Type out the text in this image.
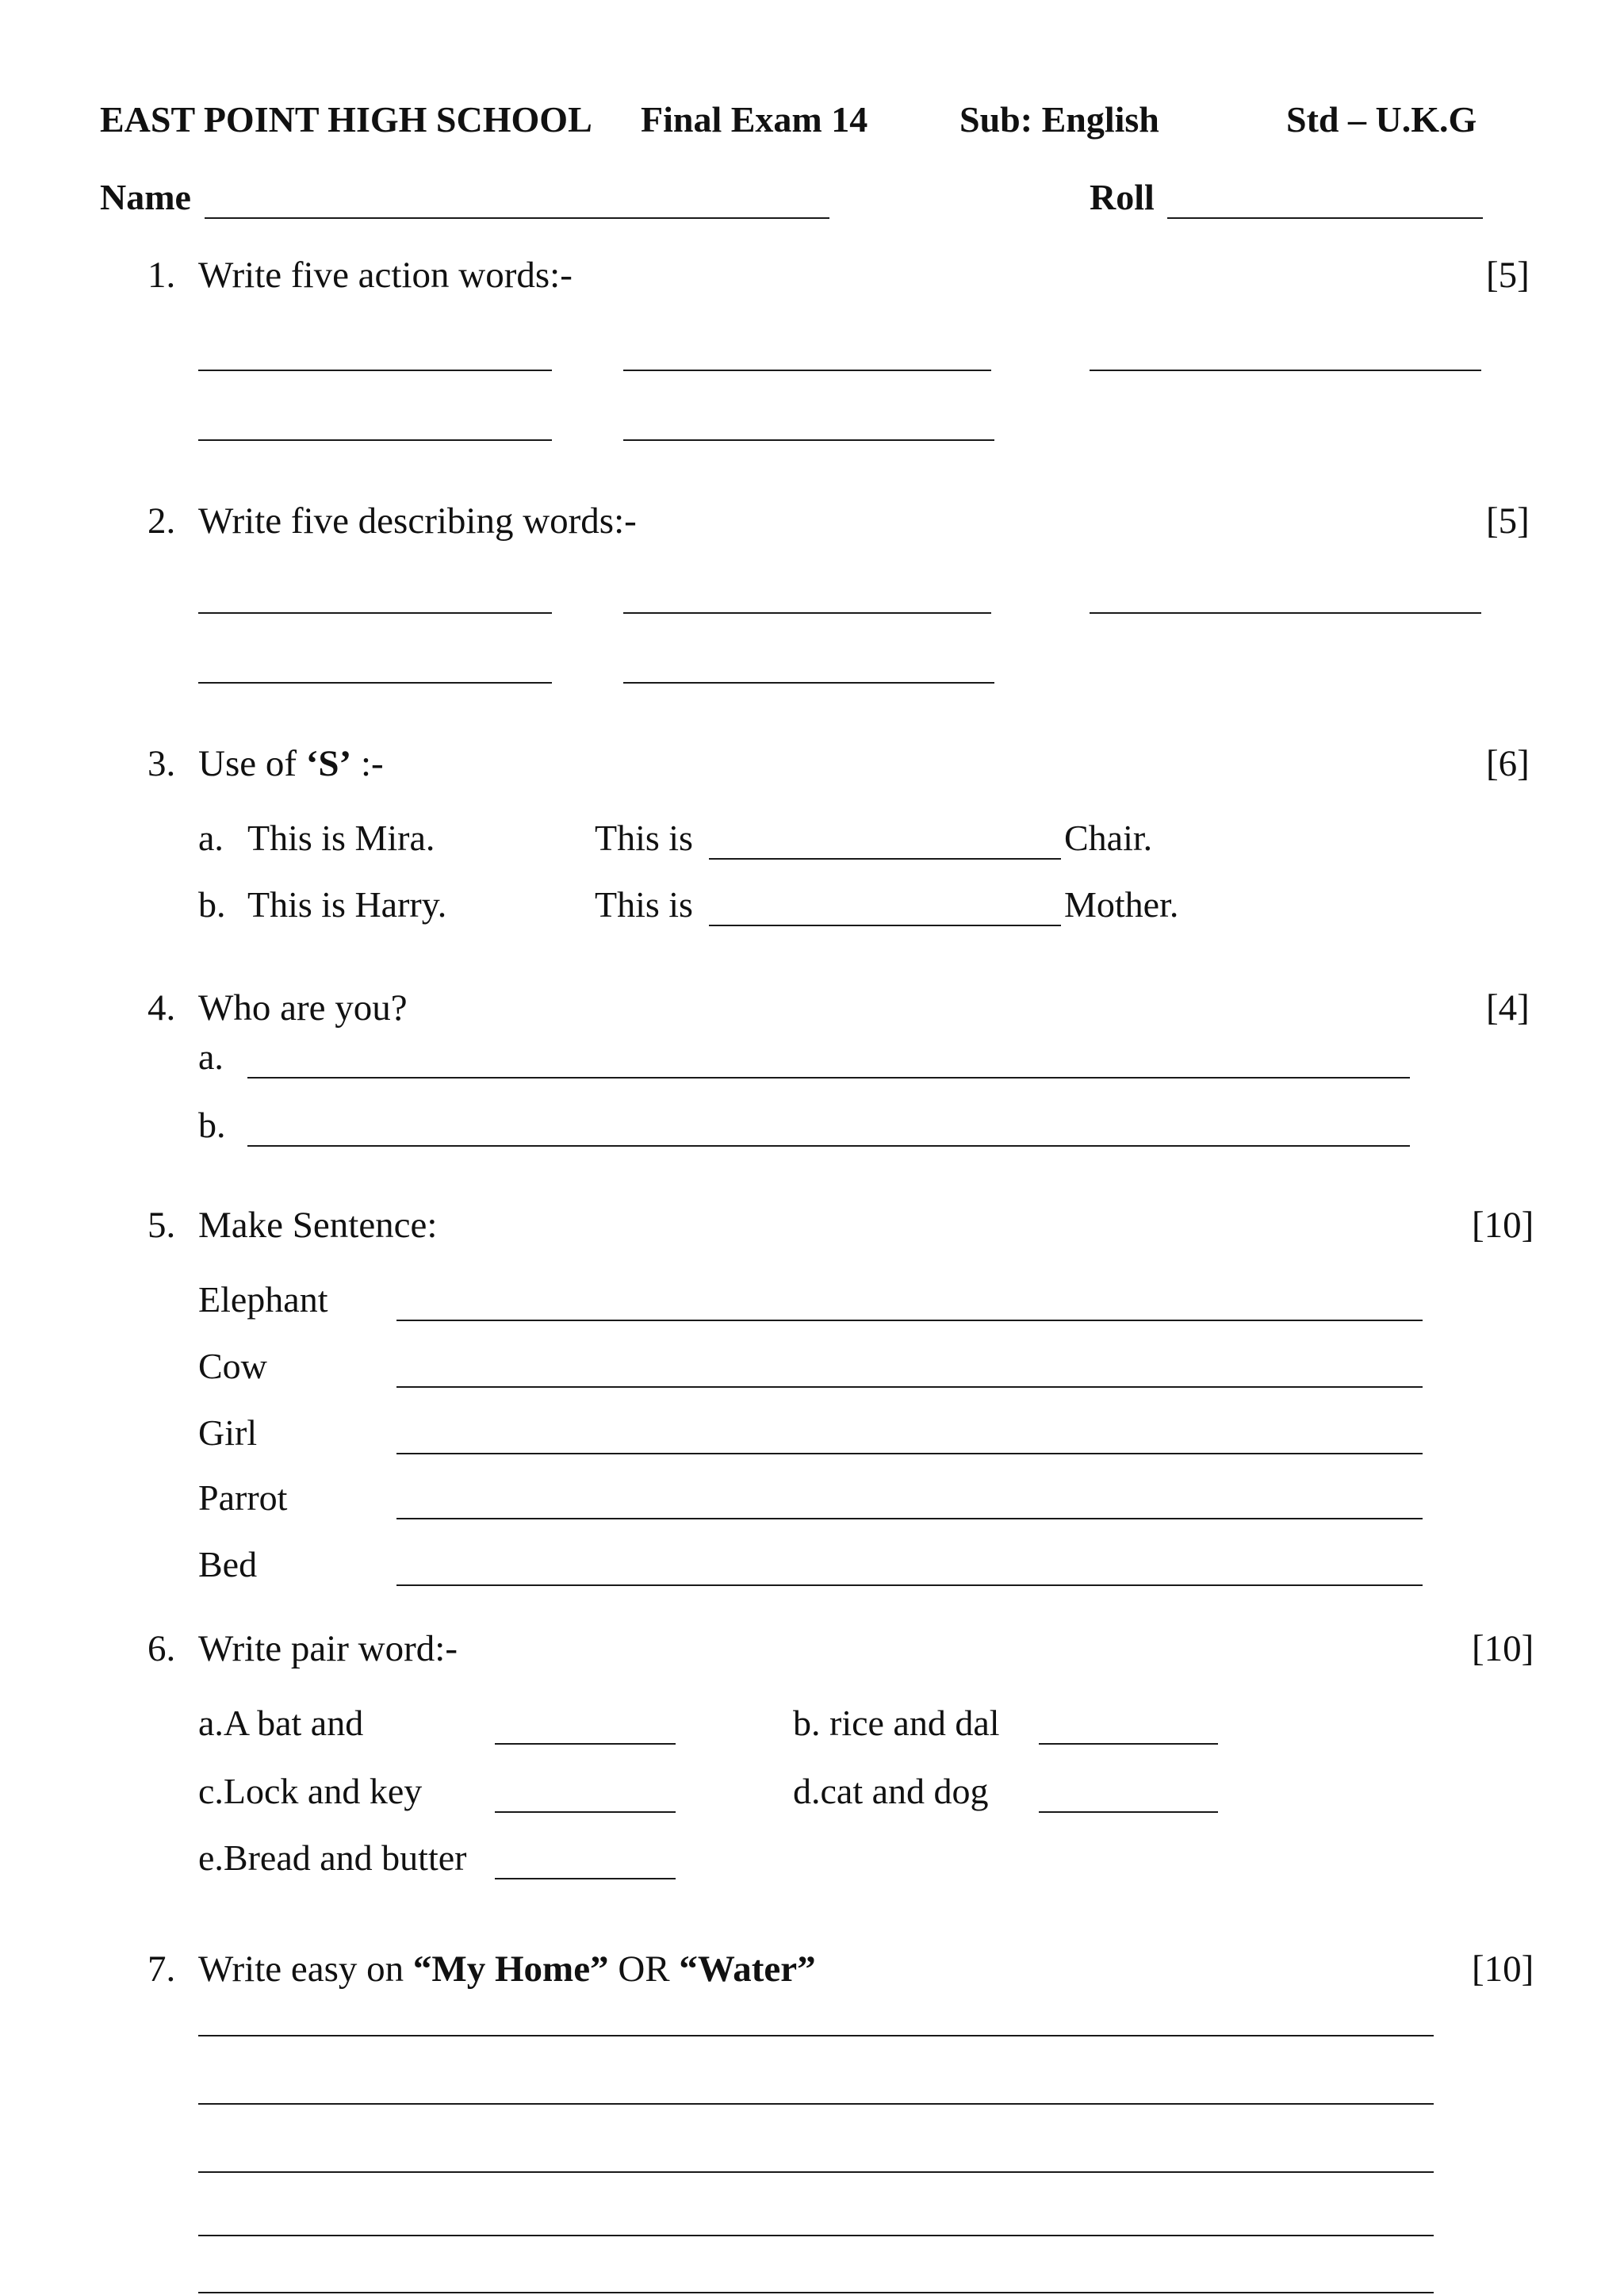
EAST POINT HIGH SCHOOL Final Exam 14	Sub: English	Std – U.K.G
Name	Roll
1. Write five action words:-	[5]
2. Write five describing words:-	[5]
3. Use of ‘S’ :-	[6]
a. This is Mira.	This is	Chair.
b. This is Harry.	This is	Mother.
4. Who are you?	[4]
a.
b.
5. Make Sentence:	[10]
Elephant
Cow
Girl
Parrot
Bed
6. Write pair word:-	[10]
a.A bat and	b. rice and dal
c.Lock and key	d.cat and dog
e.Bread and butter
7. Write easy on “My Home” OR “Water”	[10]
